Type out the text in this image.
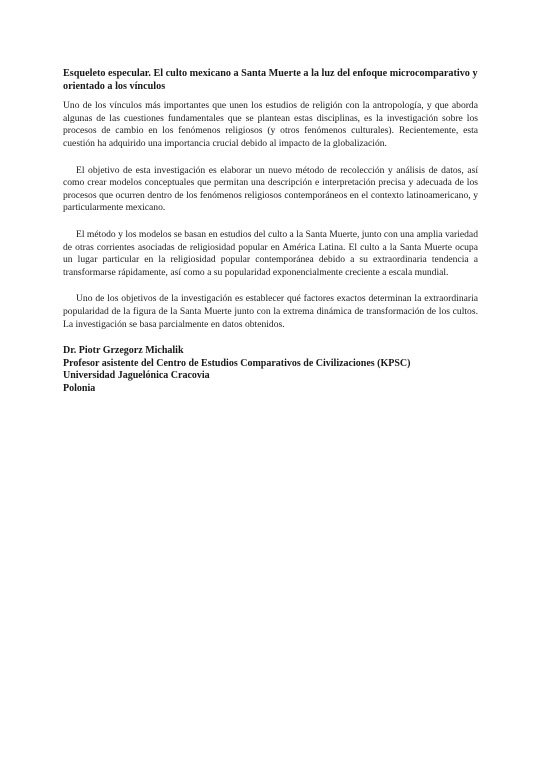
Esqueleto especular. El culto mexicano a Santa Muerte a la luz del enfoque microcomparativo y orientado a los vínculos

Uno de los vínculos más importantes que unen los estudios de religión con la antropología, y que aborda algunas de las cuestiones fundamentales que se plantean estas disciplinas, es la investigación sobre los procesos de cambio en los fenómenos religiosos (y otros fenómenos culturales). Recientemente, esta cuestión ha adquirido una importancia crucial debido al impacto de la globalización.

El objetivo de esta investigación es elaborar un nuevo método de recolección y análisis de datos, así como crear modelos conceptuales que permitan una descripción e interpretación precisa y adecuada de los procesos que ocurren dentro de los fenómenos religiosos contemporáneos en el contexto latinoamericano, y particularmente mexicano.

El método y los modelos se basan en estudios del culto a la Santa Muerte, junto con una amplia variedad de otras corrientes asociadas de religiosidad popular en América Latina. El culto a la Santa Muerte ocupa un lugar particular en la religiosidad popular contemporánea debido a su extraordinaria tendencia a transformarse rápidamente, así como a su popularidad exponencialmente creciente a escala mundial.

Uno de los objetivos de la investigación es establecer qué factores exactos determinan la extraordinaria popularidad de la figura de la Santa Muerte junto con la extrema dinámica de transformación de los cultos. La investigación se basa parcialmente en datos obtenidos.

Dr. Piotr Grzegorz Michalik
Profesor asistente del Centro de Estudios Comparativos de Civilizaciones (KPSC)
Universidad Jaguelónica Cracovia
Polonia
